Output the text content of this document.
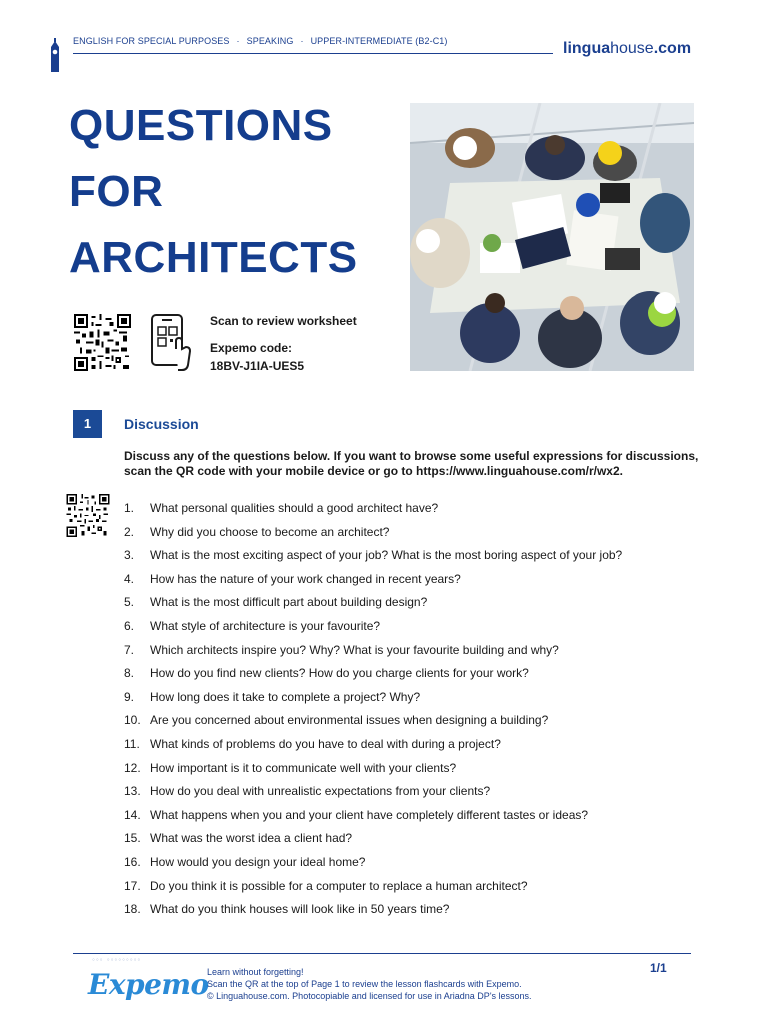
ENGLISH FOR SPECIAL PURPOSES · SPEAKING · UPPER-INTERMEDIATE (B2-C1)	linguahouse.com
QUESTIONS
FOR
ARCHITECTS
Scan to review worksheet
Expemo code:
18BV-J1IA-UES5
1	Discussion
Discuss any of the questions below. If you want to browse some useful expressions for discussions, scan the QR code with your mobile device or go to https://www.linguahouse.com/r/wx2.
1.	What personal qualities should a good architect have?
2.	Why did you choose to become an architect?
3.	What is the most exciting aspect of your job? What is the most boring aspect of your job?
4.	How has the nature of your work changed in recent years?
5.	What is the most difficult part about building design?
6.	What style of architecture is your favourite?
7.	Which architects inspire you? Why? What is your favourite building and why?
8.	How do you find new clients? How do you charge clients for your work?
9.	How long does it take to complete a project? Why?
10. Are you concerned about environmental issues when designing a building?
11. What kinds of problems do you have to deal with during a project?
12. How important is it to communicate well with your clients?
13. How do you deal with unrealistic expectations from your clients?
14. What happens when you and your client have completely different tastes or ideas?
15. What was the worst idea a client had?
16. How would you design your ideal home?
17. Do you think it is possible for a computer to replace a human architect?
18. What do you think houses will look like in 50 years time?
◦◦◦ ◦◦◦◦◦◦◦◦◦
Expemo
Learn without forgetting!
Scan the QR at the top of Page 1 to review the lesson flashcards with Expemo.
© Linguahouse.com. Photocopiable and licensed for use in Ariadna DP's lessons.
1/1
